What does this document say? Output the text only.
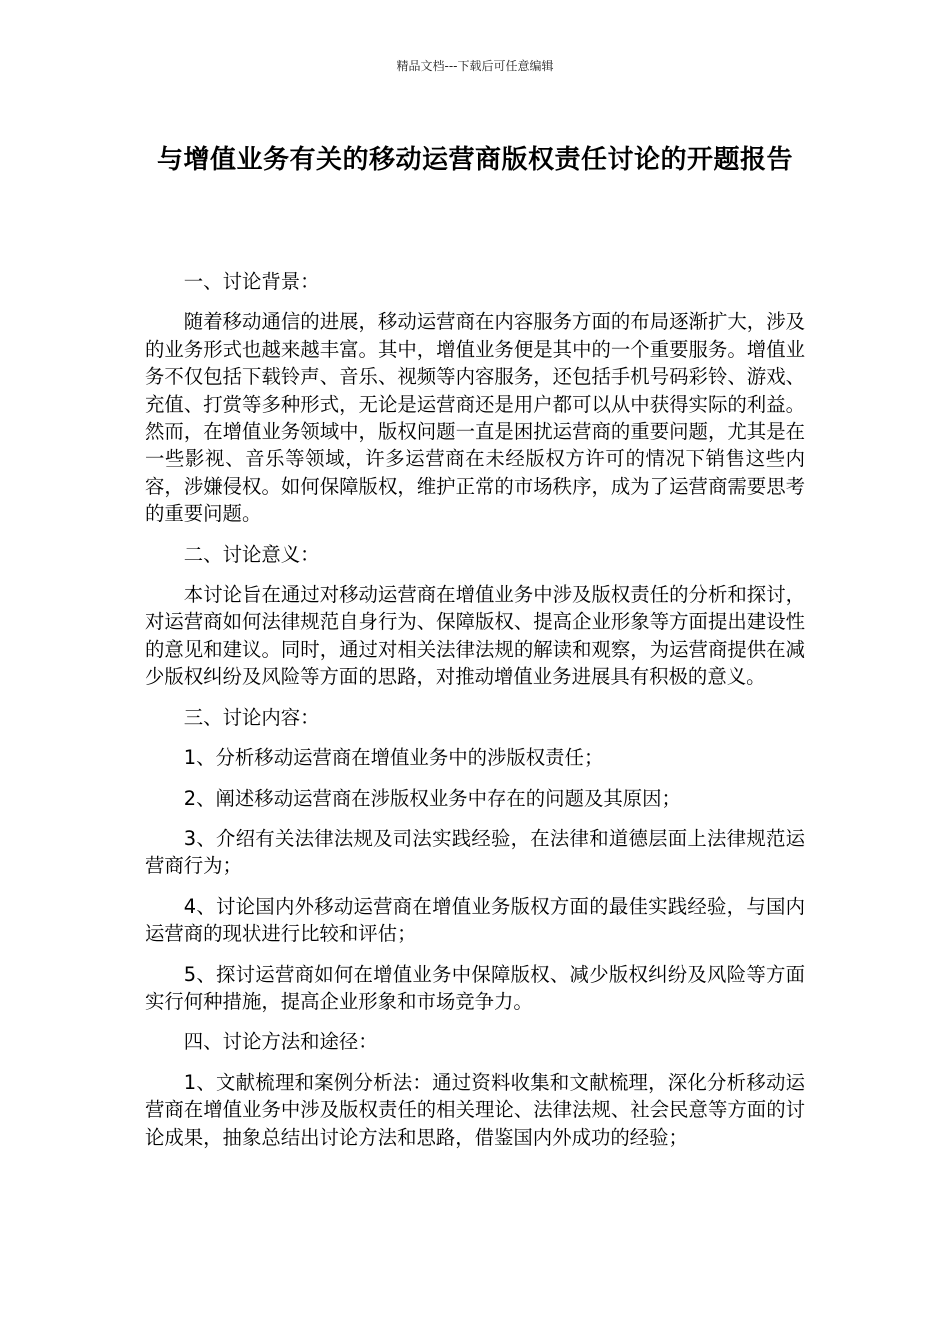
精品文档---下载后可任意编辑
与增值业务有关的移动运营商版权责任讨论的开题报告

一、讨论背景：

随着移动通信的进展，移动运营商在内容服务方面的布局逐渐扩大，涉及的业务形式也越来越丰富。其中，增值业务便是其中的一个重要服务。增值业务不仅包括下载铃声、音乐、视频等内容服务，还包括手机号码彩铃、游戏、充值、打赏等多种形式，无论是运营商还是用户都可以从中获得实际的利益。然而，在增值业务领域中，版权问题一直是困扰运营商的重要问题，尤其是在一些影视、音乐等领域，许多运营商在未经版权方许可的情况下销售这些内容，涉嫌侵权。如何保障版权，维护正常的市场秩序，成为了运营商需要思考的重要问题。

二、讨论意义：

本讨论旨在通过对移动运营商在增值业务中涉及版权责任的分析和探讨，对运营商如何法律规范自身行为、保障版权、提高企业形象等方面提出建设性的意见和建议。同时，通过对相关法律法规的解读和观察，为运营商提供在减少版权纠纷及风险等方面的思路，对推动增值业务进展具有积极的意义。

三、讨论内容：

1、分析移动运营商在增值业务中的涉版权责任；

2、阐述移动运营商在涉版权业务中存在的问题及其原因；

3、介绍有关法律法规及司法实践经验，在法律和道德层面上法律规范运营商行为；

4、讨论国内外移动运营商在增值业务版权方面的最佳实践经验，与国内运营商的现状进行比较和评估；

5、探讨运营商如何在增值业务中保障版权、减少版权纠纷及风险等方面实行何种措施，提高企业形象和市场竞争力。

四、讨论方法和途径：

1、文献梳理和案例分析法：通过资料收集和文献梳理，深化分析移动运营商在增值业务中涉及版权责任的相关理论、法律法规、社会民意等方面的讨论成果，抽象总结出讨论方法和思路，借鉴国内外成功的经验；
